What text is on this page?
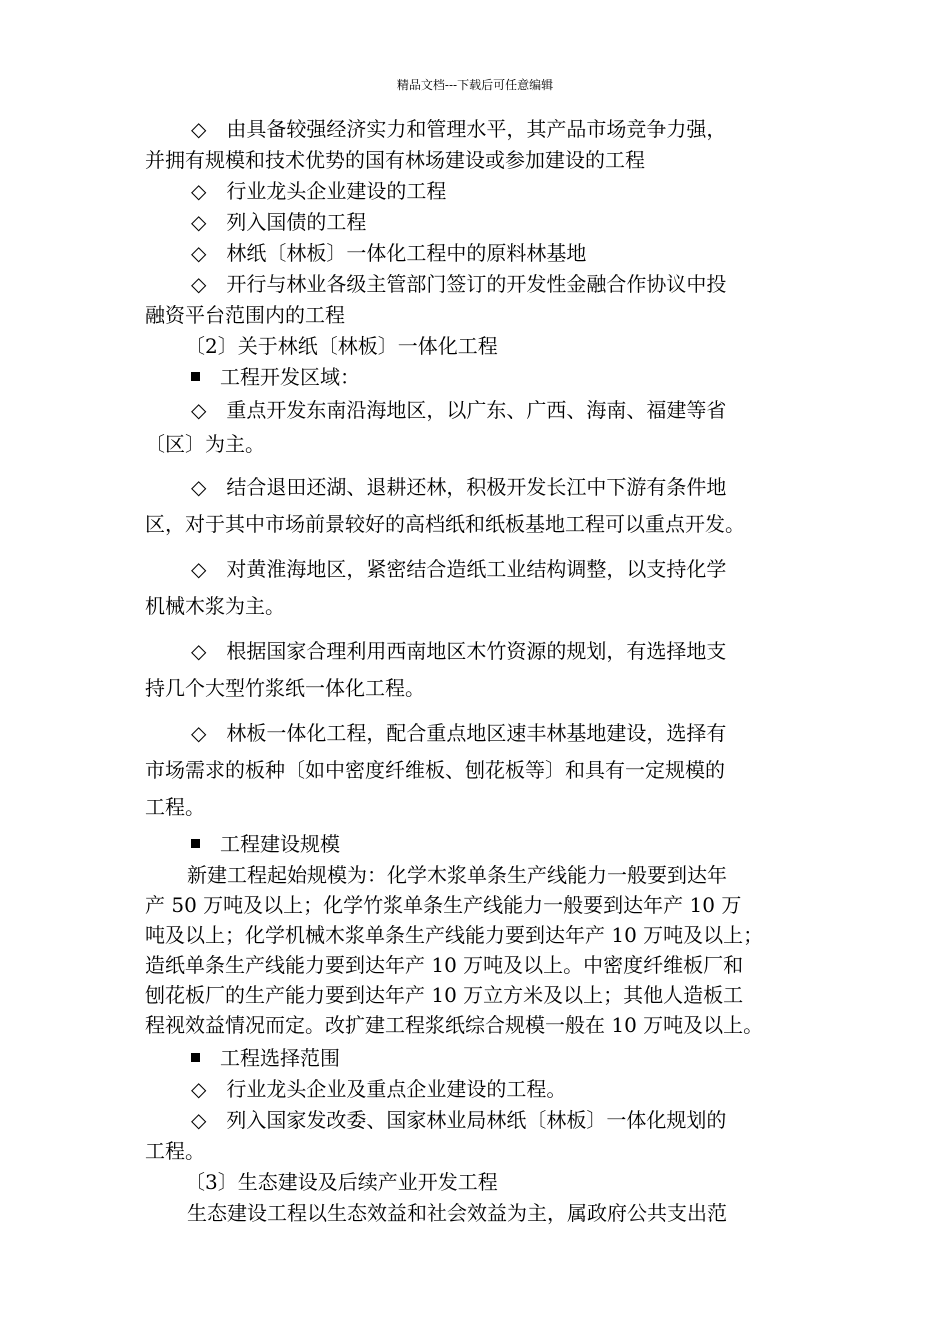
精品文档---下载后可任意编辑
◇　由具备较强经济实力和管理水平，其产品市场竞争力强，
并拥有规模和技术优势的国有林场建设或参加建设的工程
◇　行业龙头企业建设的工程
◇　列入国债的工程
◇　林纸〔林板〕一体化工程中的原料林基地
◇　开行与林业各级主管部门签订的开发性金融合作协议中投
融资平台范围内的工程
〔2〕关于林纸〔林板〕一体化工程
工程开发区域：
◇　重点开发东南沿海地区，以广东、广西、海南、福建等省
〔区〕为主。
◇　结合退田还湖、退耕还林，积极开发长江中下游有条件地
区，对于其中市场前景较好的高档纸和纸板基地工程可以重点开发。
◇　对黄淮海地区，紧密结合造纸工业结构调整，以支持化学
机械木浆为主。
◇　根据国家合理利用西南地区木竹资源的规划，有选择地支
持几个大型竹浆纸一体化工程。
◇　林板一体化工程，配合重点地区速丰林基地建设，选择有
市场需求的板种〔如中密度纤维板、刨花板等〕和具有一定规模的
工程。
工程建设规模
新建工程起始规模为：化学木浆单条生产线能力一般要到达年
产 50 万吨及以上；化学竹浆单条生产线能力一般要到达年产 10 万
吨及以上；化学机械木浆单条生产线能力要到达年产 10 万吨及以上；
造纸单条生产线能力要到达年产 10 万吨及以上。中密度纤维板厂和
刨花板厂的生产能力要到达年产 10 万立方米及以上；其他人造板工
程视效益情况而定。改扩建工程浆纸综合规模一般在 10 万吨及以上。
工程选择范围
◇　行业龙头企业及重点企业建设的工程。
◇　列入国家发改委、国家林业局林纸〔林板〕一体化规划的
工程。
〔3〕生态建设及后续产业开发工程
生态建设工程以生态效益和社会效益为主，属政府公共支出范
